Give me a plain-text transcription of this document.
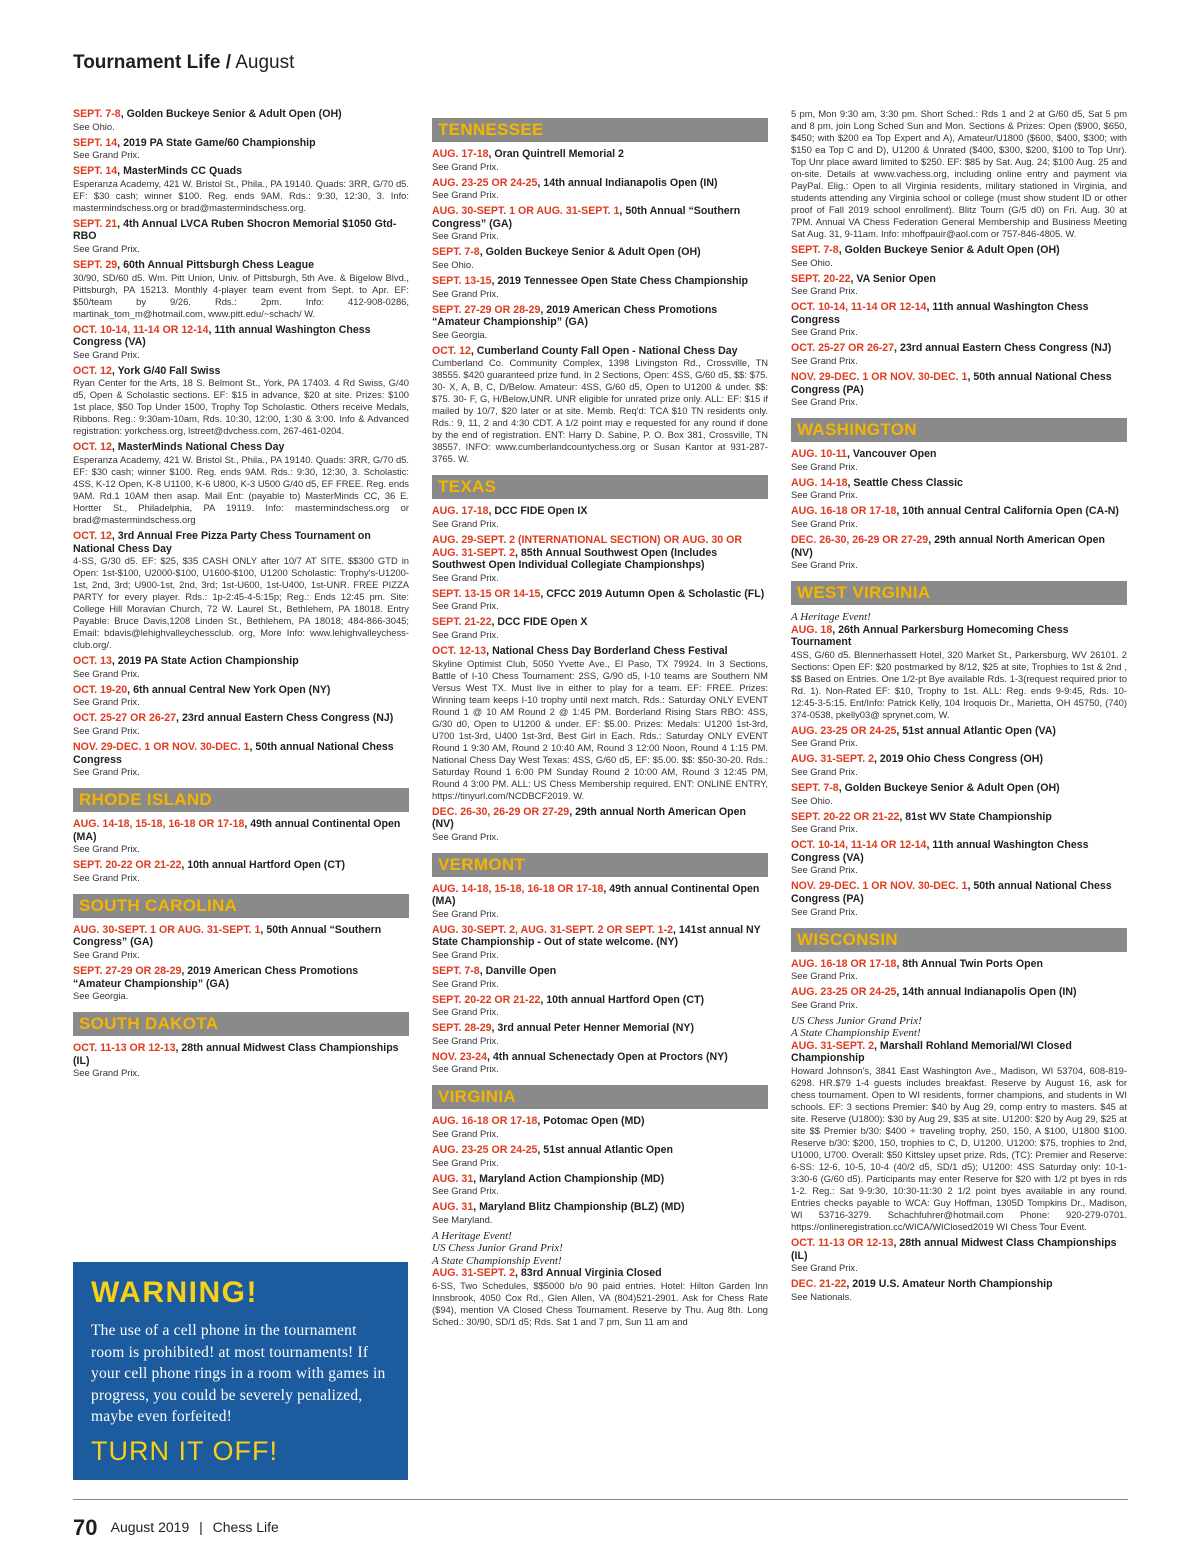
Tournament Life / August
SEPT. 7-8, Golden Buckeye Senior & Adult Open (OH)
See Ohio.
SEPT. 14, 2019 PA State Game/60 Championship
See Grand Prix.
SEPT. 14, MasterMinds CC Quads
Esperanza Academy, 421 W. Bristol St., Phila., PA 19140. Quads: 3RR, G/70 d5. EF: $30 cash; winner $100. Reg. ends 9AM. Rds.: 9:30, 12:30, 3. Info: mastermindschess.org or brad@mastermindschess.org.
SEPT. 21, 4th Annual LVCA Ruben Shocron Memorial $1050 Gtd-RBO
See Grand Prix.
SEPT. 29, 60th Annual Pittsburgh Chess League
30/90, SD/60 d5. Wm. Pitt Union, Univ. of Pittsburgh, 5th Ave. & Bigelow Blvd., Pittsburgh, PA 15213. Monthly 4-player team event from Sept. to Apr. EF: $50/team by 9/26. Rds.: 2pm. Info: 412-908-0286, martinak_tom_m@hotmail.com, www.pitt.edu/~schach/ W.
OCT. 10-14, 11-14 OR 12-14, 11th annual Washington Chess Congress (VA)
See Grand Prix.
OCT. 12, York G/40 Fall Swiss
Ryan Center for the Arts, 18 S. Belmont St., York, PA 17403. 4 Rd Swiss, G/40 d5, Open & Scholastic sections. EF: $15 in advance, $20 at site. Prizes: $100 1st place, $50 Top Under 1500, Trophy Top Scholastic. Others receive Medals, Ribbons. Reg.: 9:30am-10am, Rds. 10:30, 12:00, 1:30 & 3:00. Info & Advanced registration: yorkchess.org, lstreet@dvchess.com, 267-461-0204.
OCT. 12, MasterMinds National Chess Day
Esperanza Academy, 421 W. Bristol St., Phila., PA 19140. Quads: 3RR, G/70 d5. EF: $30 cash; winner $100. Reg. ends 9AM. Rds.: 9:30, 12:30, 3. Scholastic: 4SS, K-12 Open, K-8 U1100, K-6 U800, K-3 U500 G/40 d5, EF FREE. Reg. ends 9AM. Rd.1 10AM then asap. Mail Ent: (payable to) MasterMinds CC, 36 E. Hortter St., Philadelphia, PA 19119. Info: mastermindschess.org or brad@mastermindschess.org
OCT. 12, 3rd Annual Free Pizza Party Chess Tournament on National Chess Day
4-SS, G/30 d5. EF: $25, $35 CASH ONLY after 10/7 AT SITE. $$300 GTD in Open: 1st-$100, U2000-$100, U1600-$100, U1200 Scholastic: Trophy's-U1200-1st, 2nd, 3rd; U900-1st, 2nd, 3rd; 1st-U600, 1st-U400, 1st-UNR. FREE PIZZA PARTY for every player. Rds.: 1p-2:45-4-5:15p; Reg.: Ends 12:45 pm. Site: College Hill Moravian Church, 72 W. Laurel St., Bethlehem, PA 18018. Entry Payable: Bruce Davis,1208 Linden St., Bethlehem, PA 18018; 484-866-3045; Email: bdavis@lehighvalleychessclub. org, More Info: www.lehighvalleychess-club.org/.
OCT. 13, 2019 PA State Action Championship
See Grand Prix.
OCT. 19-20, 6th annual Central New York Open (NY)
See Grand Prix.
OCT. 25-27 OR 26-27, 23rd annual Eastern Chess Congress (NJ)
See Grand Prix.
NOV. 29-DEC. 1 OR NOV. 30-DEC. 1, 50th annual National Chess Congress
See Grand Prix.
RHODE ISLAND
AUG. 14-18, 15-18, 16-18 OR 17-18, 49th annual Continental Open (MA)
See Grand Prix.
SEPT. 20-22 OR 21-22, 10th annual Hartford Open (CT)
See Grand Prix.
SOUTH CAROLINA
AUG. 30-SEPT. 1 OR AUG. 31-SEPT. 1, 50th Annual “Southern Congress” (GA)
See Grand Prix.
SEPT. 27-29 OR 28-29, 2019 American Chess Promotions “Amateur Championship” (GA)
See Georgia.
SOUTH DAKOTA
OCT. 11-13 OR 12-13, 28th annual Midwest Class Championships (IL)
See Grand Prix.
TENNESSEE
AUG. 17-18, Oran Quintrell Memorial 2
See Grand Prix.
AUG. 23-25 OR 24-25, 14th annual Indianapolis Open (IN)
See Grand Prix.
AUG. 30-SEPT. 1 OR AUG. 31-SEPT. 1, 50th Annual “Southern Congress” (GA)
See Grand Prix.
SEPT. 7-8, Golden Buckeye Senior & Adult Open (OH)
See Ohio.
SEPT. 13-15, 2019 Tennessee Open State Chess Championship
See Grand Prix.
SEPT. 27-29 OR 28-29, 2019 American Chess Promotions “Amateur Championship” (GA)
See Georgia.
OCT. 12, Cumberland County Fall Open - National Chess Day
Cumberland Co. Community Complex, 1398 Livingston Rd., Crossville, TN 38555. $420 guaranteed prize fund. In 2 Sections, Open: 4SS, G/60 d5, $$: $75. 30- X, A, B, C, D/Below. Amateur: 4SS, G/60 d5, Open to U1200 & under. $$: $75. 30- F, G, H/Below,UNR. UNR eligible for unrated prize only. ALL: EF: $15 if mailed by 10/7, $20 later or at site. Memb. Req'd: TCA $10 TN residents only. Rds.: 9, 11, 2 and 4:30 CDT. A 1/2 point may e requested for any round if done by the end of registration. ENT: Harry D. Sabine, P. O. Box 381, Crossville, TN 38557. INFO: www.cumberlandcountychess.org or Susan Kantor at 931-287-3765. W.
TEXAS
AUG. 17-18, DCC FIDE Open IX
See Grand Prix.
AUG. 29-SEPT. 2 (INTERNATIONAL SECTION) OR AUG. 30 OR AUG. 31-SEPT. 2, 85th Annual Southwest Open (Includes Southwest Open Individual Collegiate Championshps)
See Grand Prix.
SEPT. 13-15 OR 14-15, CFCC 2019 Autumn Open & Scholastic (FL)
See Grand Prix.
SEPT. 21-22, DCC FIDE Open X
See Grand Prix.
OCT. 12-13, National Chess Day Borderland Chess Festival
Skyline Optimist Club, 5050 Yvette Ave., El Paso, TX 79924. In 3 Sections, Battle of I-10 Chess Tournament: 2SS, G/90 d5, I-10 teams are Southern NM Versus West TX. Must live in either to play for a team. EF: FREE. Prizes: Winning team keeps I-10 trophy until next match. Rds.: Saturday ONLY EVENT Round 1 @ 10 AM Round 2 @ 1:45 PM. Borderland Rising Stars RBO: 4SS, G/30 d0, Open to U1200 & under. EF: $5.00. Prizes: Medals: U1200 1st-3rd, U700 1st-3rd, U400 1st-3rd, Best Girl in Each. Rds.: Saturday ONLY EVENT Round 1 9:30 AM, Round 2 10:40 AM, Round 3 12:00 Noon, Round 4 1:15 PM. National Chess Day West Texas: 4SS, G/60 d5, EF: $5.00. $$: $50-30-20. Rds.: Saturday Round 1 6:00 PM Sunday Round 2 10:00 AM, Round 3 12:45 PM, Round 4 3:00 PM. ALL: US Chess Membership required. ENT: ONLINE ENTRY, https://tinyurl.com/NCDBCF2019. W.
DEC. 26-30, 26-29 OR 27-29, 29th annual North American Open (NV)
See Grand Prix.
VERMONT
AUG. 14-18, 15-18, 16-18 OR 17-18, 49th annual Continental Open (MA)
See Grand Prix.
AUG. 30-SEPT. 2, AUG. 31-SEPT. 2 OR SEPT. 1-2, 141st annual NY State Championship - Out of state welcome. (NY)
See Grand Prix.
SEPT. 7-8, Danville Open
See Grand Prix.
SEPT. 20-22 OR 21-22, 10th annual Hartford Open (CT)
See Grand Prix.
SEPT. 28-29, 3rd annual Peter Henner Memorial (NY)
See Grand Prix.
NOV. 23-24, 4th annual Schenectady Open at Proctors (NY)
See Grand Prix.
VIRGINIA
AUG. 16-18 OR 17-18, Potomac Open (MD)
See Grand Prix.
AUG. 23-25 OR 24-25, 51st annual Atlantic Open
See Grand Prix.
AUG. 31, Maryland Action Championship (MD)
See Grand Prix.
AUG. 31, Maryland Blitz Championship (BLZ) (MD)
See Maryland.
A Heritage Event!
US Chess Junior Grand Prix!
A State Championship Event!
AUG. 31-SEPT. 2, 83rd Annual Virginia Closed
6-SS, Two Schedules, $$5000 b/o 90 paid entries. Hotel: Hilton Garden Inn Innsbrook, 4050 Cox Rd., Glen Allen, VA (804)521-2901. Ask for Chess Rate ($94), mention VA Closed Chess Tournament. Reserve by Thu. Aug 8th. Long Sched.: 30/90, SD/1 d5; Rds. Sat 1 and 7 pm, Sun 11 am and
5 pm, Mon 9:30 am, 3:30 pm. Short Sched.: Rds 1 and 2 at G/60 d5, Sat 5 pm and 8 pm, join Long Sched Sun and Mon. Sections & Prizes: Open ($900, $650, $450; with $200 ea Top Expert and A), Amateur/U1800 ($600, $400, $300; with $150 ea Top C and D), U1200 & Unrated ($400, $300, $200, $100 to Top Unr). Top Unr place award limited to $250. EF: $85 by Sat. Aug. 24; $100 Aug. 25 and on-site. Details at www.vachess.org, including online entry and payment via PayPal. Elig.: Open to all Virginia residents, military stationed in Virginia, and students attending any Virginia school or college (must show student ID or other proof of Fall 2019 school enrollment). Blitz Tourn (G/5 d0) on Fri. Aug. 30 at 7PM. Annual VA Chess Federation General Membership and Business Meeting Sat Aug. 31, 9-11am. Info: mhoffpauir@aol.com or 757-846-4805. W.
SEPT. 7-8, Golden Buckeye Senior & Adult Open (OH)
See Ohio.
SEPT. 20-22, VA Senior Open
See Grand Prix.
OCT. 10-14, 11-14 OR 12-14, 11th annual Washington Chess Congress
See Grand Prix.
OCT. 25-27 OR 26-27, 23rd annual Eastern Chess Congress (NJ)
See Grand Prix.
NOV. 29-DEC. 1 OR NOV. 30-DEC. 1, 50th annual National Chess Congress (PA)
See Grand Prix.
WASHINGTON
AUG. 10-11, Vancouver Open
See Grand Prix.
AUG. 14-18, Seattle Chess Classic
See Grand Prix.
AUG. 16-18 OR 17-18, 10th annual Central California Open (CA-N)
See Grand Prix.
DEC. 26-30, 26-29 OR 27-29, 29th annual North American Open (NV)
See Grand Prix.
WEST VIRGINIA
A Heritage Event!
AUG. 18, 26th Annual Parkersburg Homecoming Chess Tournament
4SS, G/60 d5. Blennerhassett Hotel, 320 Market St., Parkersburg, WV 26101. 2 Sections: Open EF: $20 postmarked by 8/12, $25 at site, Trophies to 1st & 2nd , $$ Based on Entries. One 1/2-pt Bye available Rds. 1-3(request required prior to Rd. 1). Non-Rated EF: $10, Trophy to 1st. ALL: Reg. ends 9-9:45, Rds. 10-12:45-3-5:15. Ent/Info: Patrick Kelly, 104 Iroquois Dr., Marietta, OH 45750, (740) 374-0538, pkelly03@ sprynet.com, W.
AUG. 23-25 OR 24-25, 51st annual Atlantic Open (VA)
See Grand Prix.
AUG. 31-SEPT. 2, 2019 Ohio Chess Congress (OH)
See Grand Prix.
SEPT. 7-8, Golden Buckeye Senior & Adult Open (OH)
See Ohio.
SEPT. 20-22 OR 21-22, 81st WV State Championship
See Grand Prix.
OCT. 10-14, 11-14 OR 12-14, 11th annual Washington Chess Congress (VA)
See Grand Prix.
NOV. 29-DEC. 1 OR NOV. 30-DEC. 1, 50th annual National Chess Congress (PA)
See Grand Prix.
WISCONSIN
AUG. 16-18 OR 17-18, 8th Annual Twin Ports Open
See Grand Prix.
AUG. 23-25 OR 24-25, 14th annual Indianapolis Open (IN)
See Grand Prix.
US Chess Junior Grand Prix!
A State Championship Event!
AUG. 31-SEPT. 2, Marshall Rohland Memorial/WI Closed Championship
Howard Johnson's, 3841 East Washington Ave., Madison, WI 53704, 608-819-6298. HR.$79 1-4 guests includes breakfast. Reserve by August 16, ask for chess tournament. Open to WI residents, former champions, and students in WI schools. EF: 3 sections Premier: $40 by Aug 29, comp entry to masters. $45 at site. Reserve (U1800): $30 by Aug 29, $35 at site. U1200: $20 by Aug 29, $25 at site $$ Premier b/30: $400 + traveling trophy, 250, 150, A $100, U1800 $100. Reserve b/30: $200, 150, trophies to C, D, U1200. U1200: $75, trophies to 2nd, U1000, U700. Overall: $50 Kittsley upset prize. Rds, (TC): Premier and Reserve: 6-SS: 12-6, 10-5, 10-4 (40/2 d5, SD/1 d5); U1200: 4SS Saturday only: 10-1-3:30-6 (G/60 d5). Participants may enter Reserve for $20 with 1/2 pt byes in rds 1-2. Reg.: Sat 9-9:30, 10:30-11:30 2 1/2 point byes available in any round. Entries checks payable to WCA: Guy Hoffman, 1305D Tompkins Dr., Madison, WI 53716-3279. Schachfuhrer@hotmail.com Phone: 920-279-0701. https://onlineregistration.cc/WICA/WIClosed2019 WI Chess Tour Event.
OCT. 11-13 OR 12-13, 28th annual Midwest Class Championships (IL)
See Grand Prix.
DEC. 21-22, 2019 U.S. Amateur North Championship
See Nationals.
WARNING!
The use of a cell phone in the tournament room is prohibited! at most tournaments! If your cell phone rings in a room with games in progress, you could be severely penalized, maybe even forfeited!
TURN IT OFF!
70 August 2019 | Chess Life
